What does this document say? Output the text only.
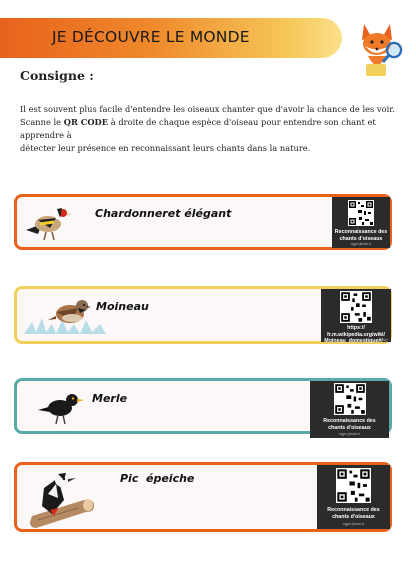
JE DÉCOUVRE LE MONDE
Consigne :

Il est souvent plus facile d'entendre les oiseaux chanter que d'avoir la chance de les voir.

Scanne le QR CODE à droite de chaque espèce d'oiseau pour entendre son chant et apprendre à

détecter leur présence en reconnaissant leurs chants dans la nature.

Chardonneret élégant
Reconnaissance des
chants d'oiseaux
ngpo.jimdo.fr
Moineau
https://
fr.m.wikipedia.org/wiki/
Moineau_domestique#/~:
Merle
Reconnaissance des
chants d'oiseaux
ngpo.jimdo.fr
Pic  épeiche
Reconnaissance des
chants d'oiseaux
ngpo.jimdo.fr
